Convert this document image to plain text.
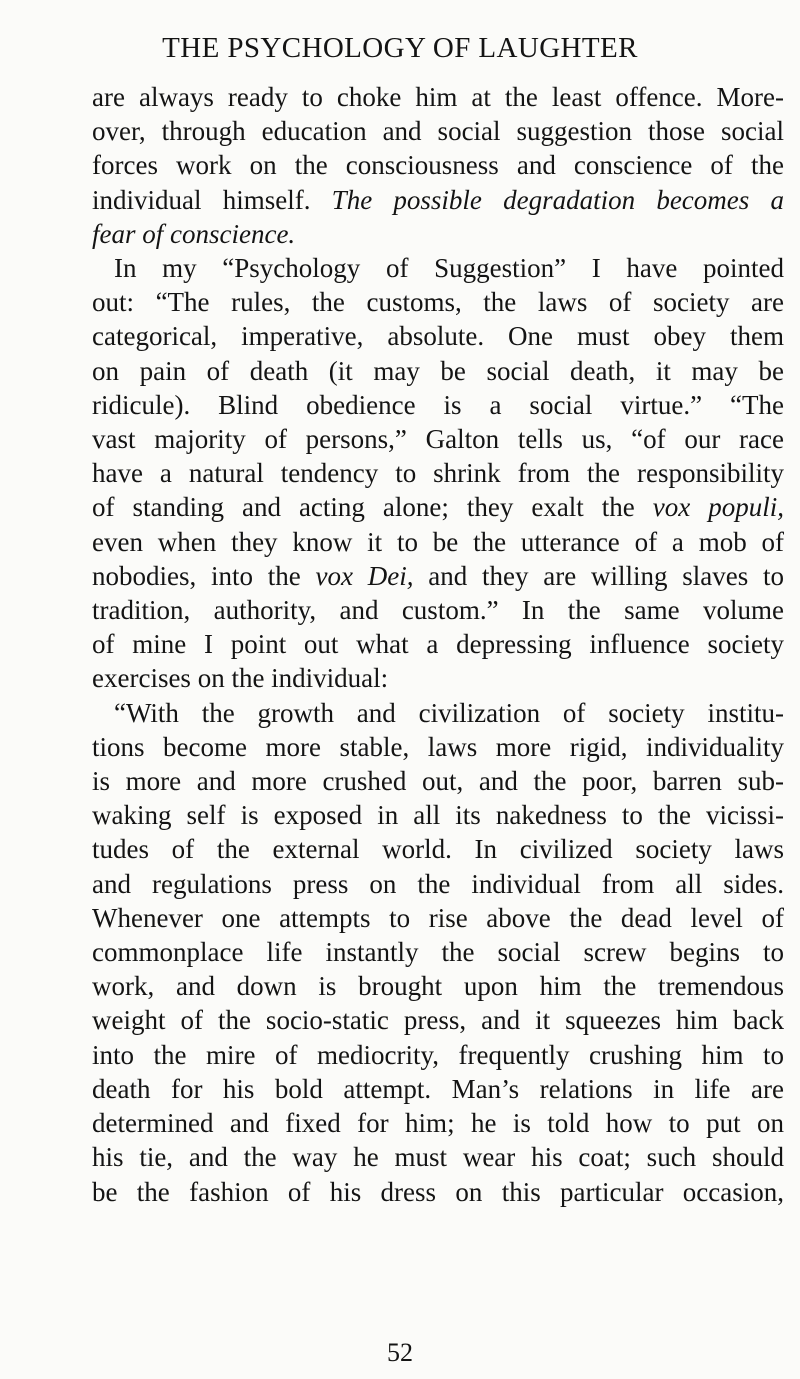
THE PSYCHOLOGY OF LAUGHTER

are always ready to choke him at the least offence. More-
over, through education and social suggestion those social
forces work on the consciousness and conscience of the
individual himself. The possible degradation becomes a
fear of conscience.

In my “Psychology of Suggestion” I have pointed
out: “The rules, the customs, the laws of society are
categorical, imperative, absolute. One must obey them
on pain of death (it may be social death, it may be
ridicule). Blind obedience is a social virtue.” “The
vast majority of persons,” Galton tells us, “of our race
have a natural tendency to shrink from the responsibility
of standing and acting alone; they exalt the vox populi,
even when they know it to be the utterance of a mob of
nobodies, into the vox Dei, and they are willing slaves to
tradition, authority, and custom.” In the same volume
of mine I point out what a depressing influence society
exercises on the individual:

“With the growth and civilization of society institu-
tions become more stable, laws more rigid, individuality
is more and more crushed out, and the poor, barren sub-
waking self is exposed in all its nakedness to the vicissi-
tudes of the external world. In civilized society laws
and regulations press on the individual from all sides.
Whenever one attempts to rise above the dead level of
commonplace life instantly the social screw begins to
work, and down is brought upon him the tremendous
weight of the socio-static press, and it squeezes him back
into the mire of mediocrity, frequently crushing him to
death for his bold attempt. Man’s relations in life are
determined and fixed for him; he is told how to put on
his tie, and the way he must wear his coat; such should
be the fashion of his dress on this particular occasion,

52
